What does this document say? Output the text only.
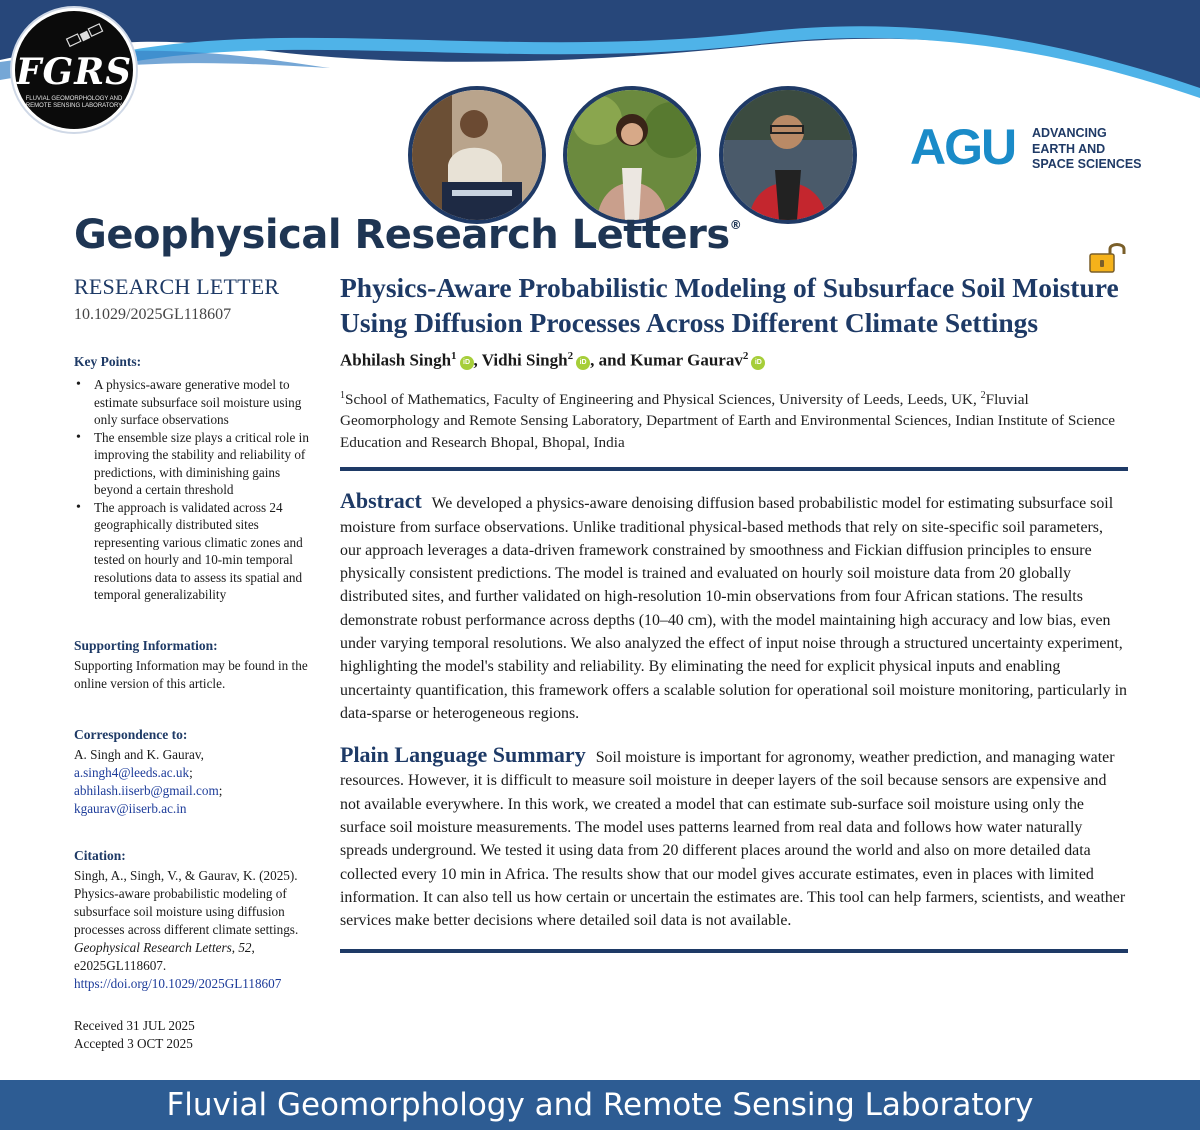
FGRS
FLUVIAL GEOMORPHOLOGY AND REMOTE SENSING LABORATORY
AGU ADVANCING
EARTH AND
SPACE SCIENCES
Geophysical Research Letters®
RESEARCH LETTER
10.1029/2025GL118607
Key Points:
• A physics-aware generative model to estimate subsurface soil moisture using only surface observations
• The ensemble size plays a critical role in improving the stability and reliability of predictions, with diminishing gains beyond a certain threshold
• The approach is validated across 24 geographically distributed sites representing various climatic zones and tested on hourly and 10-min temporal resolutions data to assess its spatial and temporal generalizability
Supporting Information:
Supporting Information may be found in the online version of this article.
Correspondence to:
A. Singh and K. Gaurav,
a.singh4@leeds.ac.uk;
abhilash.iiserb@gmail.com;
kgaurav@iiserb.ac.in
Citation:
Singh, A., Singh, V., & Gaurav, K. (2025). Physics-aware probabilistic modeling of subsurface soil moisture using diffusion processes across different climate settings. Geophysical Research Letters, 52, e2025GL118607. https://doi.org/10.1029/2025GL118607
Received 31 JUL 2025
Accepted 3 OCT 2025
Physics-Aware Probabilistic Modeling of Subsurface Soil Moisture Using Diffusion Processes Across Different Climate Settings
Abhilash Singh$^1$iD , Vidhi Singh$^2$iD , and Kumar Gaurav$^2$iD
$^1$School of Mathematics, Faculty of Engineering and Physical Sciences, University of Leeds, Leeds, UK, $^2$Fluvial Geomorphology and Remote Sensing Laboratory, Department of Earth and Environmental Sciences, Indian Institute of Science Education and Research Bhopal, Bhopal, India
Abstract We developed a physics-aware denoising diffusion based probabilistic model for estimating subsurface soil moisture from surface observations. Unlike traditional physical-based methods that rely on site-specific soil parameters, our approach leverages a data-driven framework constrained by smoothness and Fickian diffusion principles to ensure physically consistent predictions. The model is trained and evaluated on hourly soil moisture data from 20 globally distributed sites, and further validated on high-resolution 10-min observations from four African stations. The results demonstrate robust performance across depths (10–40 cm), with the model maintaining high accuracy and low bias, even under varying temporal resolutions. We also analyzed the effect of input noise through a structured uncertainty experiment, highlighting the model's stability and reliability. By eliminating the need for explicit physical inputs and enabling uncertainty quantification, this framework offers a scalable solution for operational soil moisture monitoring, particularly in data-sparse or heterogeneous regions.
Plain Language Summary Soil moisture is important for agronomy, weather prediction, and managing water resources. However, it is difficult to measure soil moisture in deeper layers of the soil because sensors are expensive and not available everywhere. In this work, we created a model that can estimate sub-surface soil moisture using only the surface soil moisture measurements. The model uses patterns learned from real data and follows how water naturally spreads underground. We tested it using data from 20 different places around the world and also on more detailed data collected every 10 min in Africa. The results show that our model gives accurate estimates, even in places with limited information. It can also tell us how certain or uncertain the estimates are. This tool can help farmers, scientists, and weather services make better decisions where detailed soil data is not available.
Fluvial Geomorphology and Remote Sensing Laboratory
